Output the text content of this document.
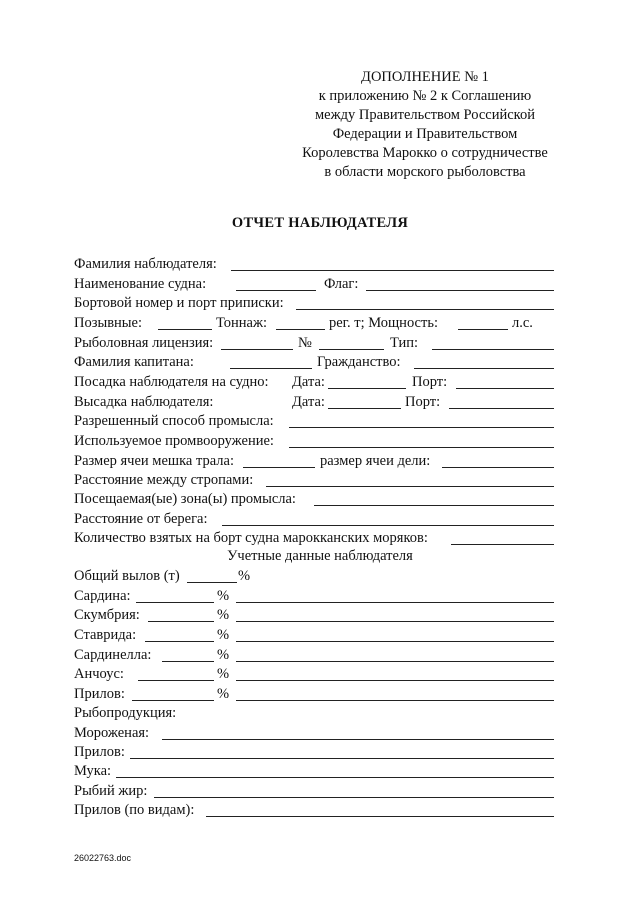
ДОПОЛНЕНИЕ № 1
к приложению № 2 к Соглашению
между Правительством Российской
Федерации и Правительством
Королевства Марокко о сотрудничестве
в области морского рыболовства
ОТЧЕТ НАБЛЮДАТЕЛЯ
Фамилия наблюдателя:
Наименование судна:	Флаг:
Бортовой номер и порт приписки:
Позывные:	Тоннаж:	рег. т; Мощность:	л.с.
Рыболовная лицензия:	№	Тип:
Фамилия капитана:	Гражданство:
Посадка наблюдателя на судно: Дата:	Порт:
Высадка наблюдателя:	Дата:	Порт:
Разрешенный способ промысла:
Используемое промвооружение:
Размер ячеи мешка трала:	размер ячеи дели:
Расстояние между стропами:
Посещаемая(ые) зона(ы) промысла:
Расстояние от берега:
Количество взятых на борт судна марокканских моряков:
Учетные данные наблюдателя
Общий вылов (т)	%
Сардина:	%
Скумбрия:	%
Ставрида:	%
Сардинелла:	%
Анчоус:	%
Прилов:	%
Рыбопродукция:
Мороженая:
Прилов:
Мука:
Рыбий жир:
Прилов (по видам):
26022763.doc
